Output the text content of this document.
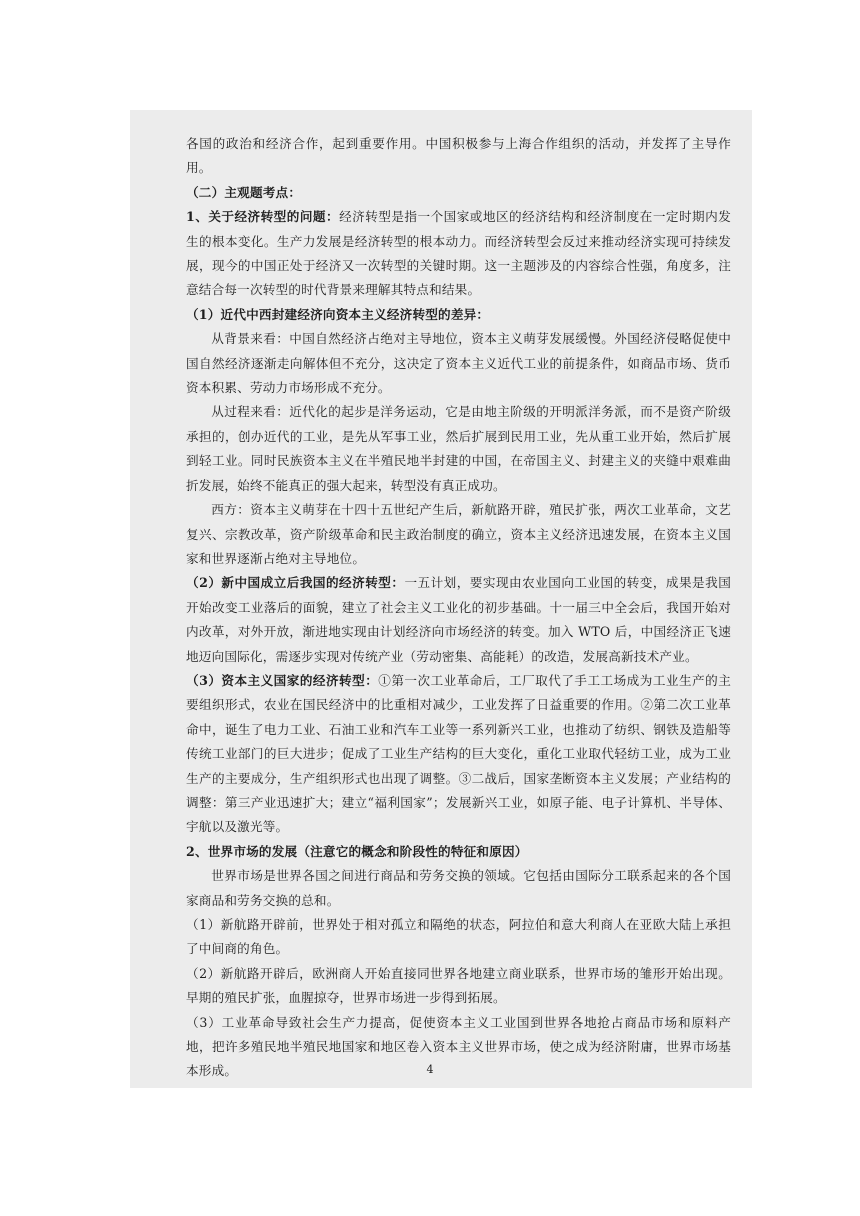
各国的政治和经济合作，起到重要作用。中国积极参与上海合作组织的活动，并发挥了主导作用。

（二）主观题考点：

1、关于经济转型的问题：经济转型是指一个国家或地区的经济结构和经济制度在一定时期内发生的根本变化。生产力发展是经济转型的根本动力。而经济转型会反过来推动经济实现可持续发展，现今的中国正处于经济又一次转型的关键时期。这一主题涉及的内容综合性强，角度多，注意结合每一次转型的时代背景来理解其特点和结果。

（1）近代中西封建经济向资本主义经济转型的差异：

从背景来看：中国自然经济占绝对主导地位，资本主义萌芽发展缓慢。外国经济侵略促使中国自然经济逐渐走向解体但不充分，这决定了资本主义近代工业的前提条件，如商品市场、货币资本积累、劳动力市场形成不充分。

从过程来看：近代化的起步是洋务运动，它是由地主阶级的开明派洋务派，而不是资产阶级承担的，创办近代的工业，是先从军事工业，然后扩展到民用工业，先从重工业开始，然后扩展到轻工业。同时民族资本主义在半殖民地半封建的中国，在帝国主义、封建主义的夹缝中艰难曲折发展，始终不能真正的强大起来，转型没有真正成功。

西方：资本主义萌芽在十四十五世纪产生后，新航路开辟，殖民扩张，两次工业革命，文艺复兴、宗教改革，资产阶级革命和民主政治制度的确立，资本主义经济迅速发展，在资本主义国家和世界逐渐占绝对主导地位。

（2）新中国成立后我国的经济转型：一五计划，要实现由农业国向工业国的转变，成果是我国开始改变工业落后的面貌，建立了社会主义工业化的初步基础。十一届三中全会后，我国开始对内改革，对外开放，渐进地实现由计划经济向市场经济的转变。加入 WTO 后，中国经济正飞速地迈向国际化，需逐步实现对传统产业（劳动密集、高能耗）的改造，发展高新技术产业。

（3）资本主义国家的经济转型：①第一次工业革命后，工厂取代了手工工场成为工业生产的主要组织形式，农业在国民经济中的比重相对减少，工业发挥了日益重要的作用。②第二次工业革命中，诞生了电力工业、石油工业和汽车工业等一系列新兴工业，也推动了纺织、钢铁及造船等传统工业部门的巨大进步；促成了工业生产结构的巨大变化，重化工业取代轻纺工业，成为工业生产的主要成分，生产组织形式也出现了调整。③二战后，国家垄断资本主义发展；产业结构的调整：第三产业迅速扩大；建立“福利国家”；发展新兴工业，如原子能、电子计算机、半导体、宇航以及激光等。

2、世界市场的发展（注意它的概念和阶段性的特征和原因）

世界市场是世界各国之间进行商品和劳务交换的领域。它包括由国际分工联系起来的各个国家商品和劳务交换的总和。

（1）新航路开辟前，世界处于相对孤立和隔绝的状态，阿拉伯和意大利商人在亚欧大陆上承担了中间商的角色。

（2）新航路开辟后，欧洲商人开始直接同世界各地建立商业联系，世界市场的雏形开始出现。早期的殖民扩张，血腥掠夺，世界市场进一步得到拓展。

（3）工业革命导致社会生产力提高，促使资本主义工业国到世界各地抢占商品市场和原料产地，把许多殖民地半殖民地国家和地区卷入资本主义世界市场，使之成为经济附庸，世界市场基本形成。	4
